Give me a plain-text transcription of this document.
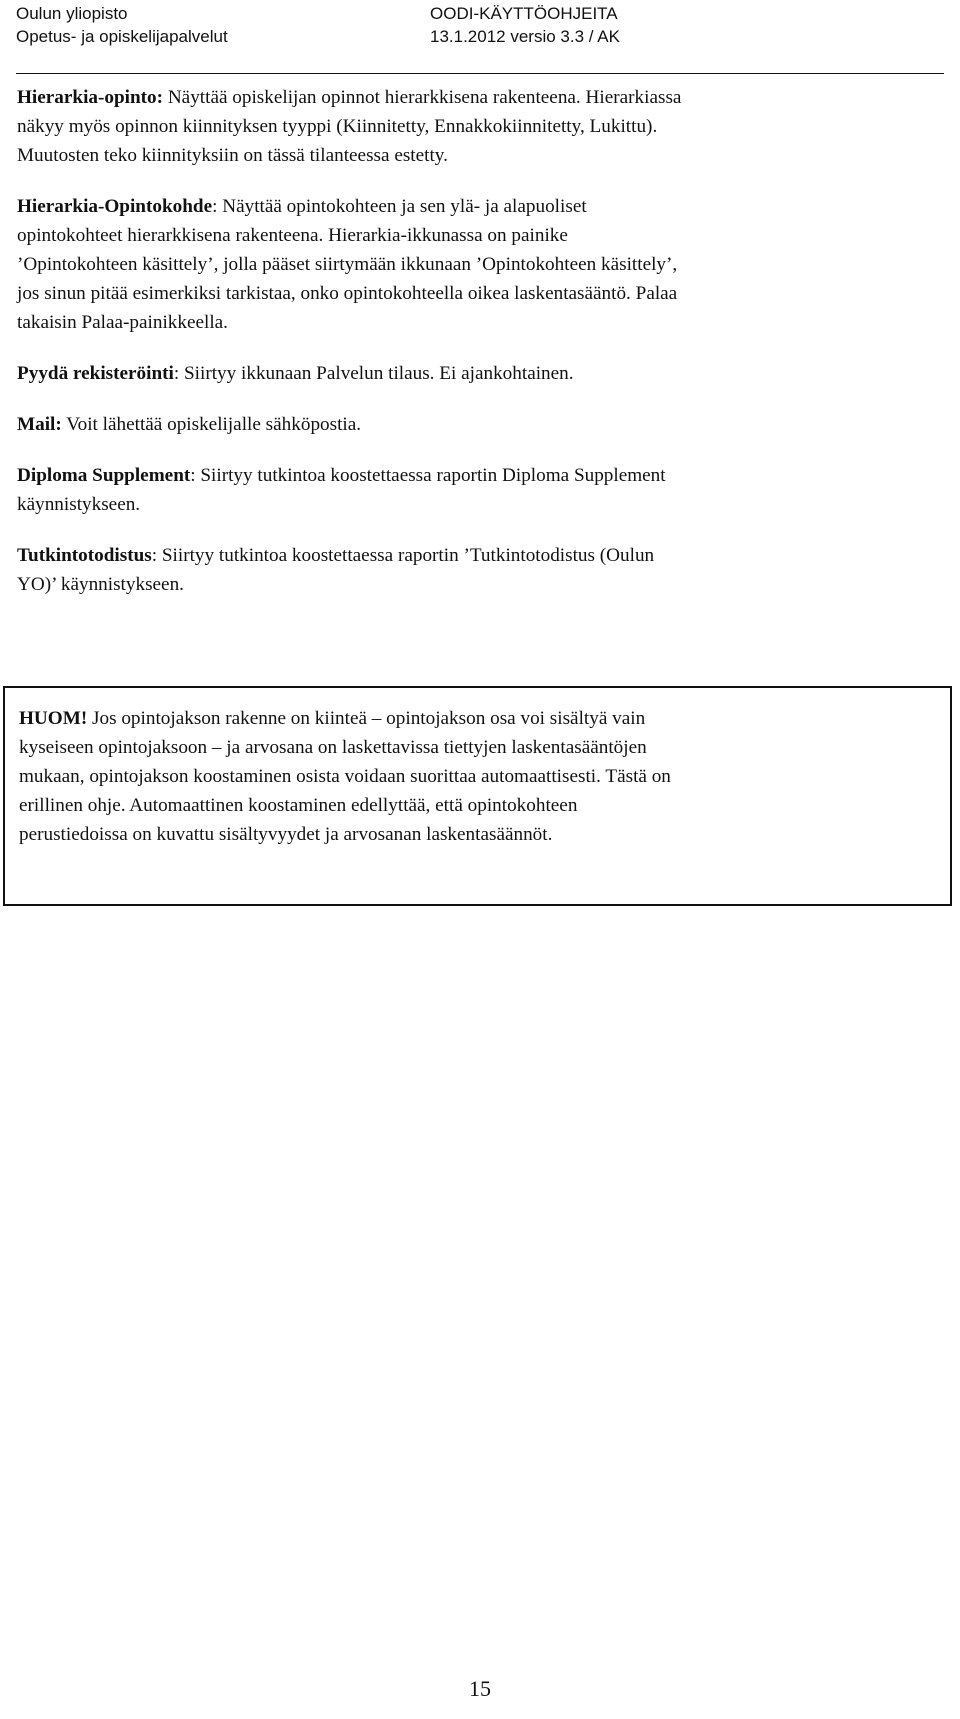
Oulun yliopisto
Opetus- ja opiskelijapalvelut
OODI-KÄYTTÖOHJEITA
13.1.2012 versio 3.3 / AK

Hierarkia-opinto: Näyttää opiskelijan opinnot hierarkkisena rakenteena. Hierarkiassa
näkyy myös opinnon kiinnityksen tyyppi (Kiinnitetty, Ennakkokiinnitetty, Lukittu).
Muutosten teko kiinnityksiin on tässä tilanteessa estetty.

Hierarkia-Opintokohde: Näyttää opintokohteen ja sen ylä- ja alapuoliset
opintokohteet hierarkkisena rakenteena. Hierarkia-ikkunassa on painike
’Opintokohteen käsittely’, jolla pääset siirtymään ikkunaan ’Opintokohteen käsittely’,
jos sinun pitää esimerkiksi tarkistaa, onko opintokohteella oikea laskentasääntö. Palaa
takaisin Palaa-painikkeella.

Pyydä rekisteröinti: Siirtyy ikkunaan Palvelun tilaus. Ei ajankohtainen.

Mail: Voit lähettää opiskelijalle sähköpostia.

Diploma Supplement: Siirtyy tutkintoa koostettaessa raportin Diploma Supplement
käynnistykseen.

Tutkintotodistus: Siirtyy tutkintoa koostettaessa raportin ’Tutkintotodistus (Oulun
YO)’ käynnistykseen.

HUOM! Jos opintojakson rakenne on kiinteä – opintojakson osa voi sisältyä vain
kyseiseen opintojaksoon – ja arvosana on laskettavissa tiettyjen laskentasääntöjen
mukaan, opintojakson koostaminen osista voidaan suorittaa automaattisesti. Tästä on
erillinen ohje. Automaattinen koostaminen edellyttää, että opintokohteen
perustiedoissa on kuvattu sisältyvyydet ja arvosanan laskentasäännöt.
15
